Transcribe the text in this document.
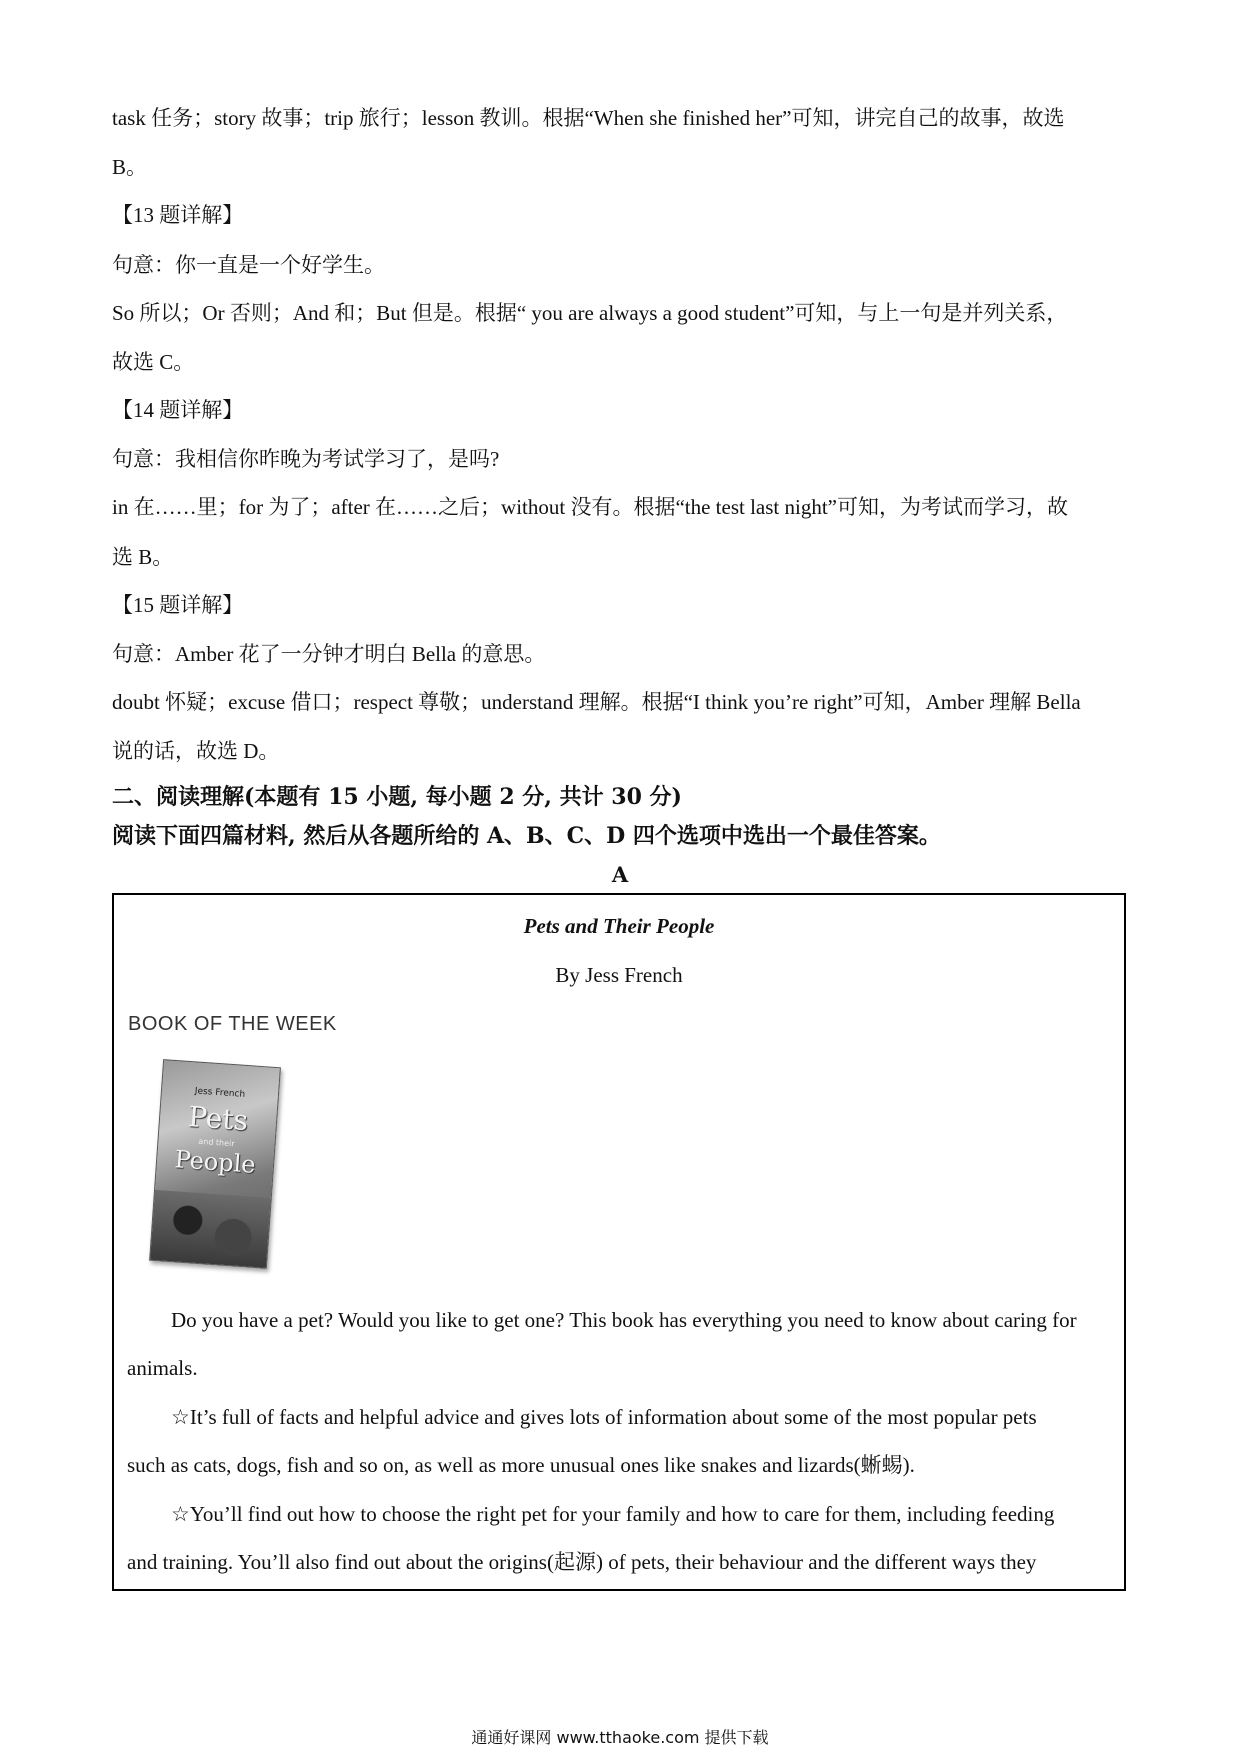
task 任务；story 故事；trip 旅行；lesson 教训。根据“When she finished her”可知，讲完自己的故事，故选
B。
【13 题详解】
句意：你一直是一个好学生。
So 所以；Or 否则；And 和；But 但是。根据“ you are always a good student”可知，与上一句是并列关系，
故选 C。
【14 题详解】
句意：我相信你昨晚为考试学习了，是吗?
in 在……里；for 为了；after 在……之后；without 没有。根据“the test last night”可知，为考试而学习，故
选 B。
【15 题详解】
句意：Amber 花了一分钟才明白 Bella 的意思。
doubt 怀疑；excuse 借口；respect 尊敬；understand 理解。根据“I think you’re right”可知，Amber 理解 Bella
说的话，故选 D。
二、阅读理解(本题有 15 小题, 每小题 2 分, 共计 30 分)
阅读下面四篇材料, 然后从各题所给的 A、B、C、D 四个选项中选出一个最佳答案。
A
Pets and Their People
By Jess French
BOOK OF THE WEEK
Jess French
Pets
and their
People
Do you have a pet? Would you like to get one? This book has everything you need to know about caring for
animals.
☆It’s full of facts and helpful advice and gives lots of information about some of the most popular pets
such as cats, dogs, fish and so on, as well as more unusual ones like snakes and lizards(蜥蜴).
☆You’ll find out how to choose the right pet for your family and how to care for them, including feeding
and training. You’ll also find out about the origins(起源) of pets, their behaviour and the different ways they
通通好课网 www.tthaoke.com 提供下载
